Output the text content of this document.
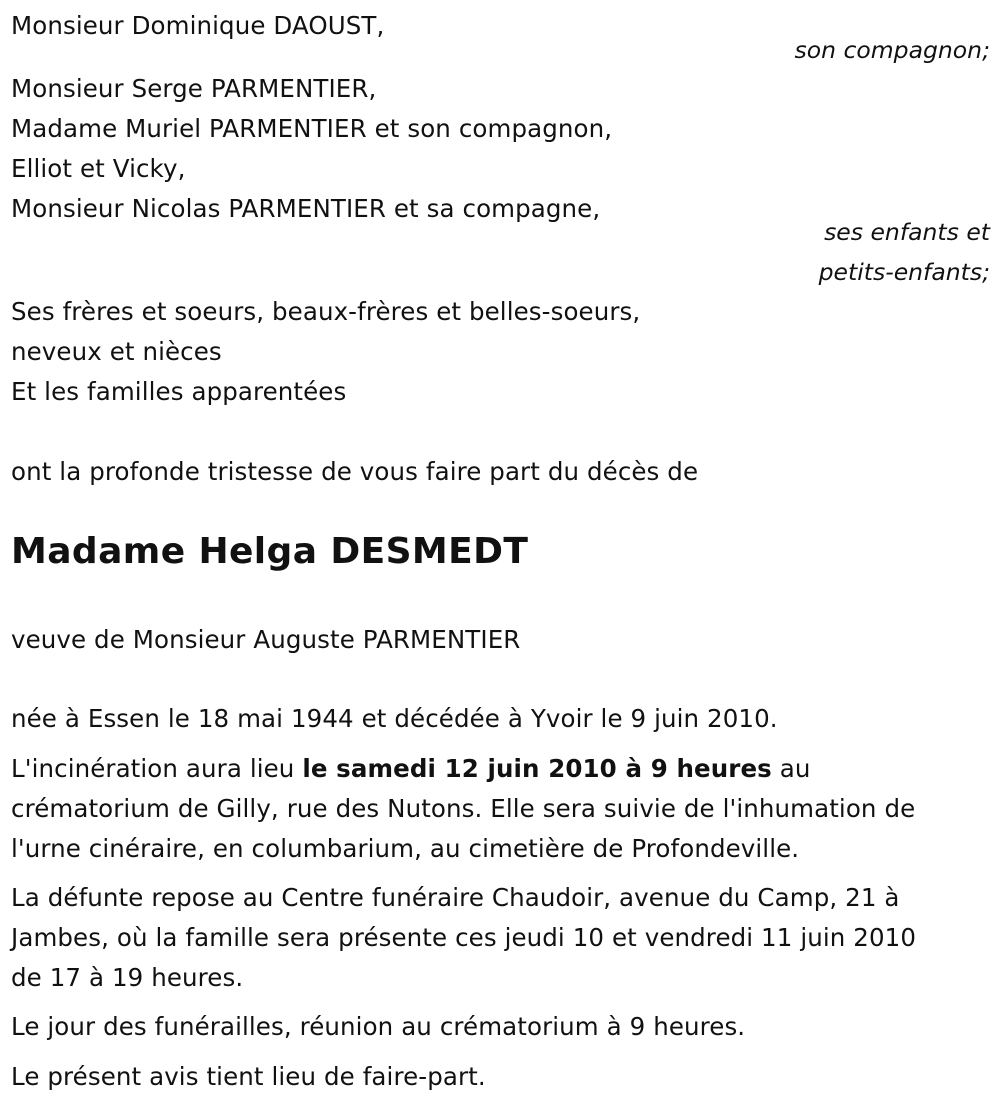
Monsieur Dominique DAOUST,
son compagnon;
Monsieur Serge PARMENTIER,
Madame Muriel PARMENTIER et son compagnon,
Elliot et Vicky,
Monsieur Nicolas PARMENTIER et sa compagne,
ses enfants et
petits-enfants;
Ses frères et soeurs, beaux-frères et belles-soeurs,
neveux et nièces
Et les familles apparentées
ont la profonde tristesse de vous faire part du décès de
Madame Helga DESMEDT
veuve de Monsieur Auguste PARMENTIER
née à Essen le 18 mai 1944 et décédée à Yvoir le 9 juin 2010.
L'incinération aura lieu le samedi 12 juin 2010 à 9 heures au
crématorium de Gilly, rue des Nutons. Elle sera suivie de l'inhumation de
l'urne cinéraire, en columbarium, au cimetière de Profondeville.
La défunte repose au Centre funéraire Chaudoir, avenue du Camp, 21 à
Jambes, où la famille sera présente ces jeudi 10 et vendredi 11 juin 2010
de 17 à 19 heures.
Le jour des funérailles, réunion au crématorium à 9 heures.
Le présent avis tient lieu de faire-part.
